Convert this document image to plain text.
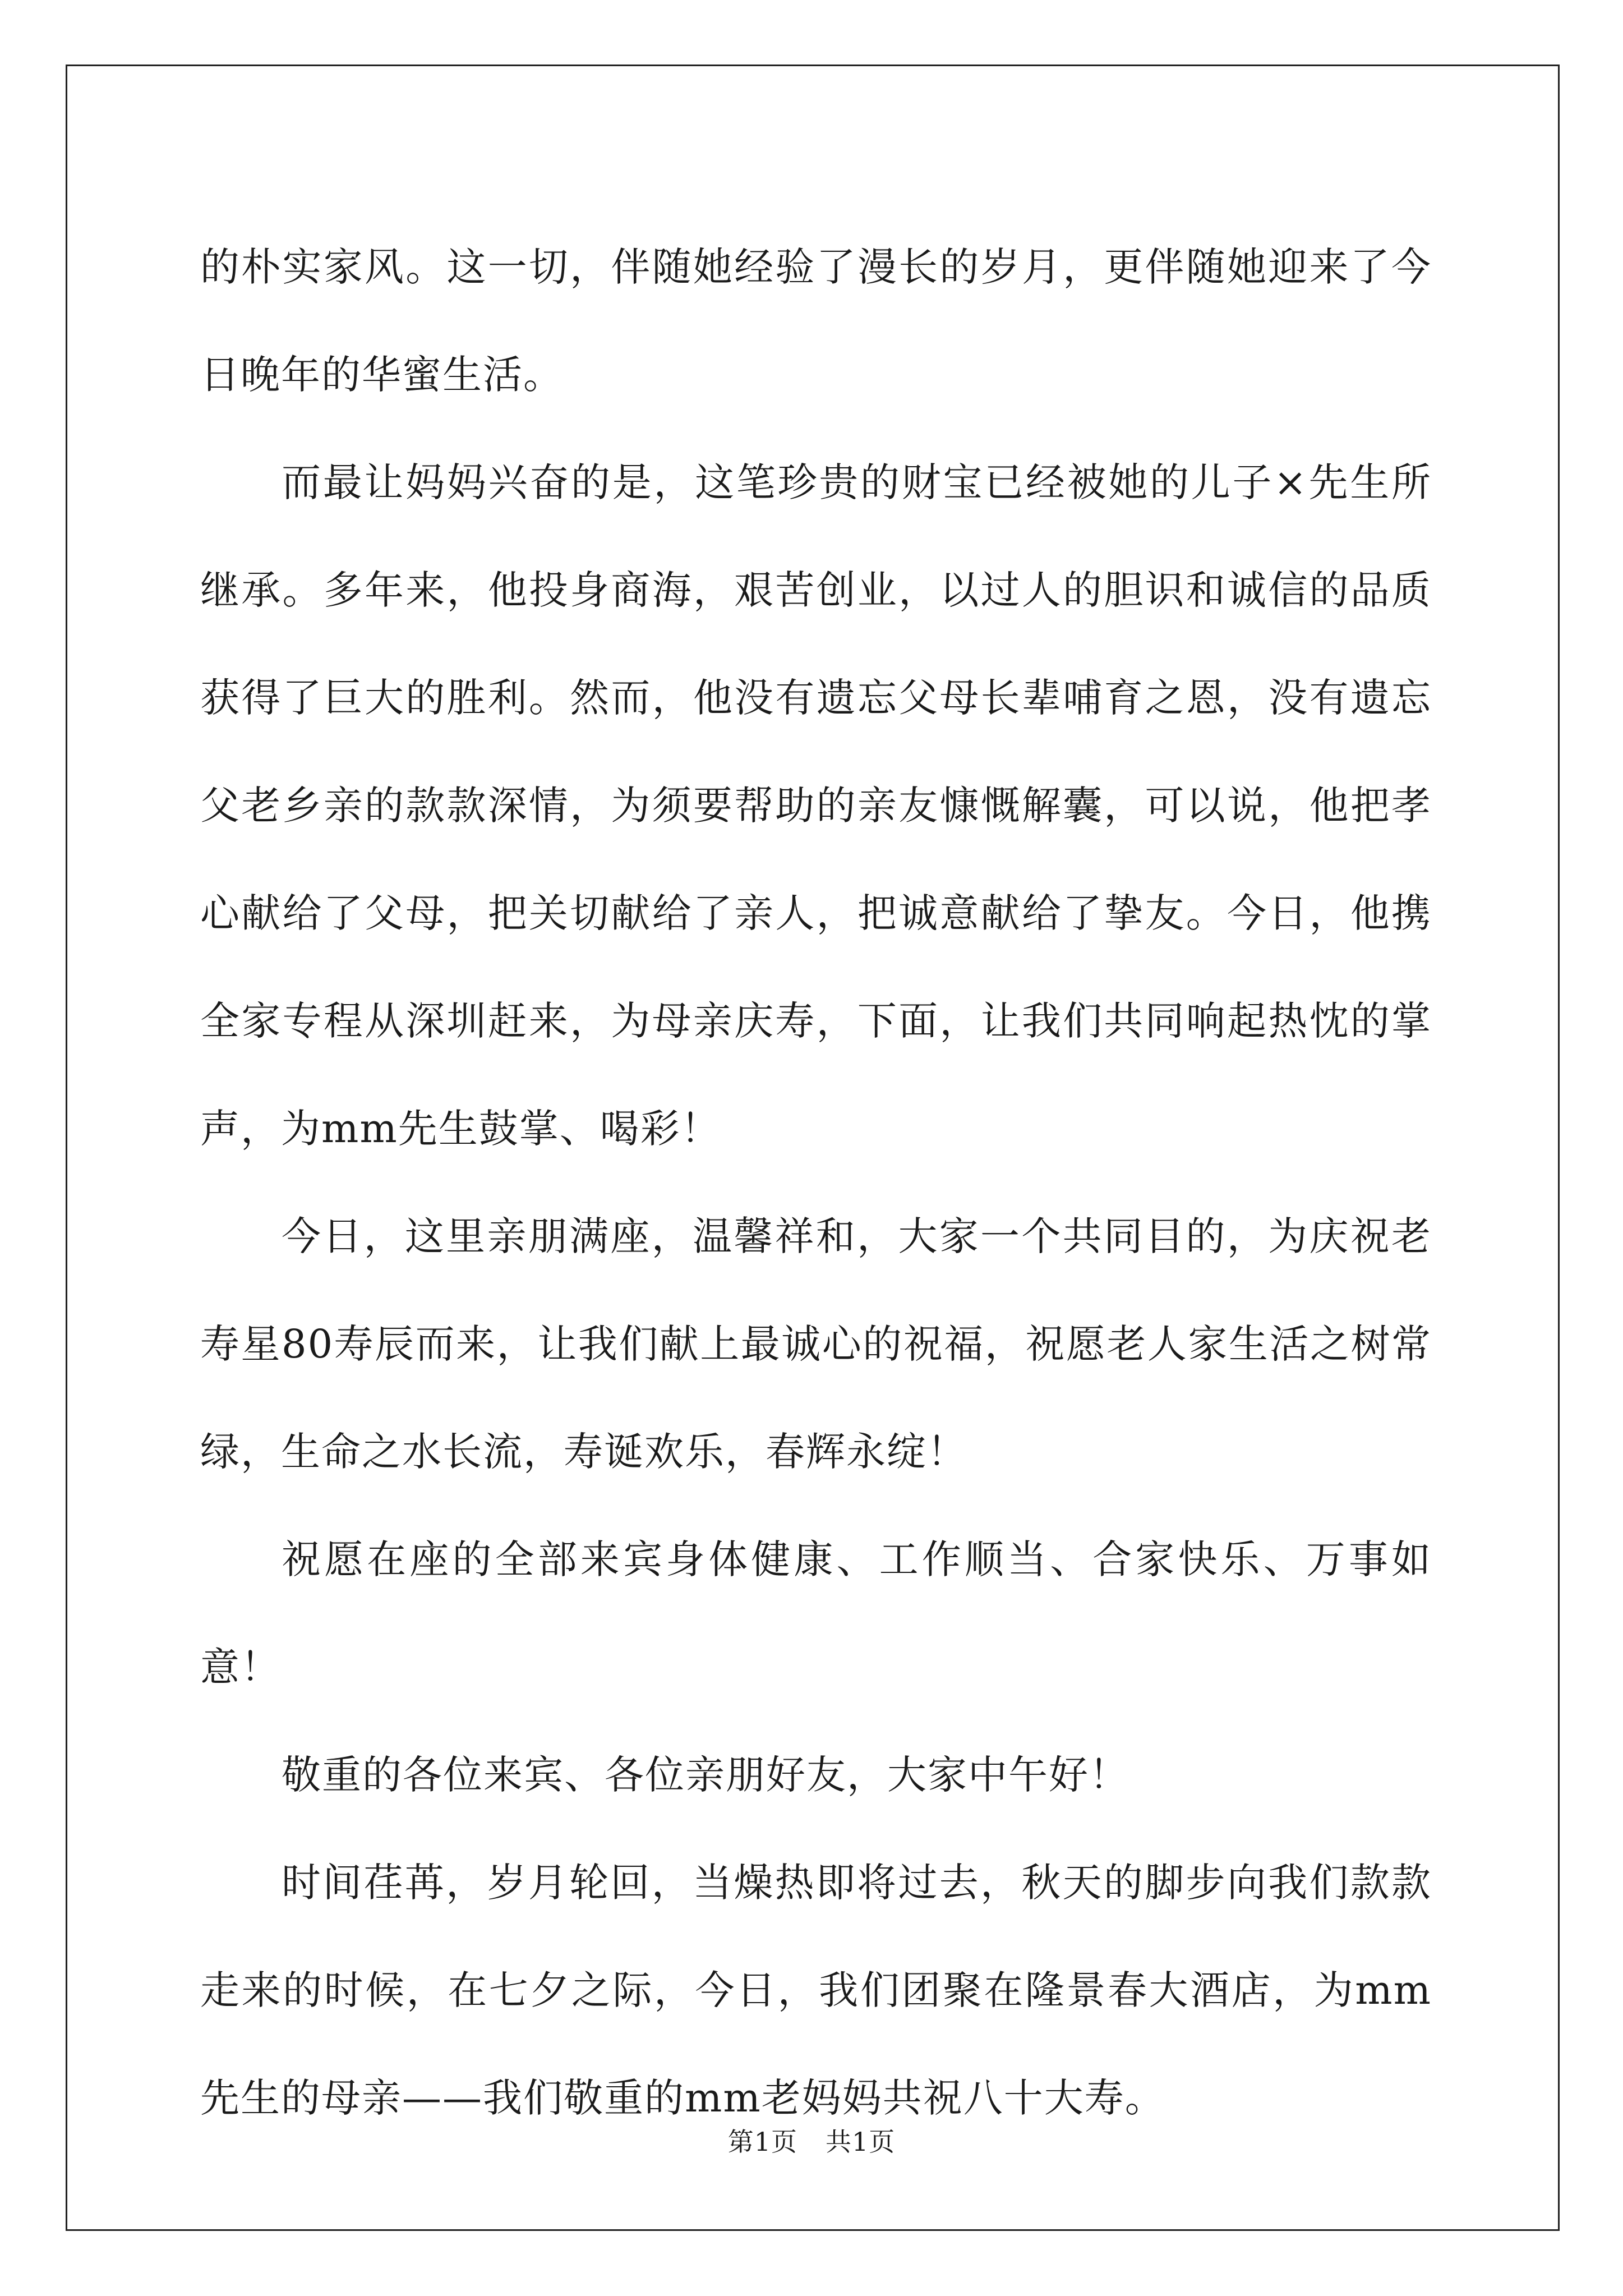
的朴实家风。这一切，伴随她经验了漫长的岁月，更伴随她迎来了今日晚年的华蜜生活。

而最让妈妈兴奋的是，这笔珍贵的财宝已经被她的儿子×先生所继承。多年来，他投身商海，艰苦创业，以过人的胆识和诚信的品质获得了巨大的胜利。然而，他没有遗忘父母长辈哺育之恩，没有遗忘父老乡亲的款款深情，为须要帮助的亲友慷慨解囊，可以说，他把孝心献给了父母，把关切献给了亲人，把诚意献给了挚友。今日，他携全家专程从深圳赶来，为母亲庆寿，下面，让我们共同响起热忱的掌声，为mm先生鼓掌、喝彩！

今日，这里亲朋满座，温馨祥和，大家一个共同目的，为庆祝老寿星80寿辰而来，让我们献上最诚心的祝福，祝愿老人家生活之树常绿，生命之水长流，寿诞欢乐，春辉永绽！

祝愿在座的全部来宾身体健康、工作顺当、合家快乐、万事如意！

敬重的各位来宾、各位亲朋好友，大家中午好！

时间荏苒，岁月轮回，当燥热即将过去，秋天的脚步向我们款款走来的时候，在七夕之际，今日，我们团聚在隆景春大酒店，为mm先生的母亲——我们敬重的mm老妈妈共祝八十大寿。

第1页 共1页
